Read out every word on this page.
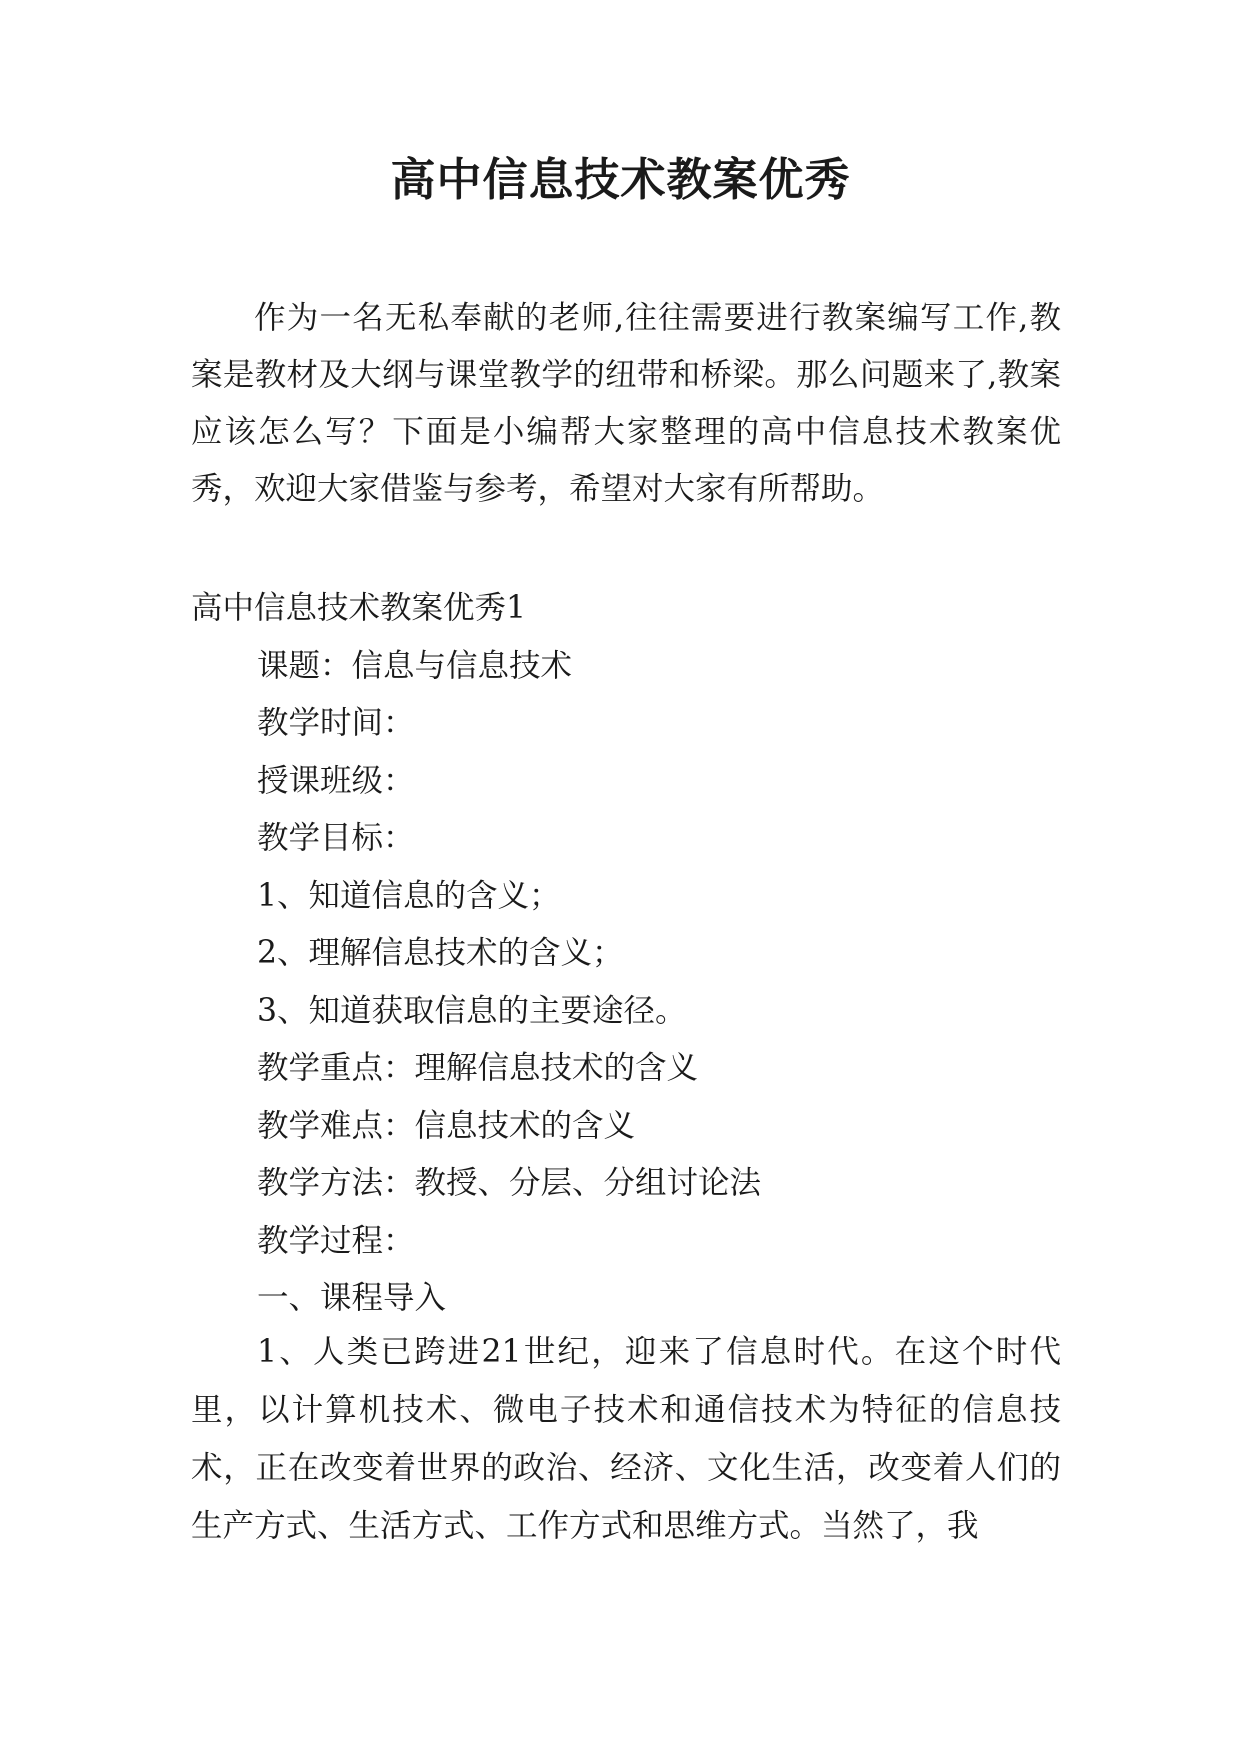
高中信息技术教案优秀

作为一名无私奉献的老师,往往需要进行教案编写工作,教案是教材及大纲与课堂教学的纽带和桥梁。那么问题来了,教案应该怎么写？下面是小编帮大家整理的高中信息技术教案优秀，欢迎大家借鉴与参考，希望对大家有所帮助。

高中信息技术教案优秀1
课题：信息与信息技术
教学时间：
授课班级：
教学目标：
1、知道信息的含义；
2、理解信息技术的含义；
3、知道获取信息的主要途径。
教学重点：理解信息技术的含义
教学难点：信息技术的含义
教学方法：教授、分层、分组讨论法
教学过程：
一、课程导入

1、人类已跨进21世纪，迎来了信息时代。在这个时代里，以计算机技术、微电子技术和通信技术为特征的信息技术，正在改变着世界的政治、经济、文化生活，改变着人们的生产方式、生活方式、工作方式和思维方式。当然了，我
